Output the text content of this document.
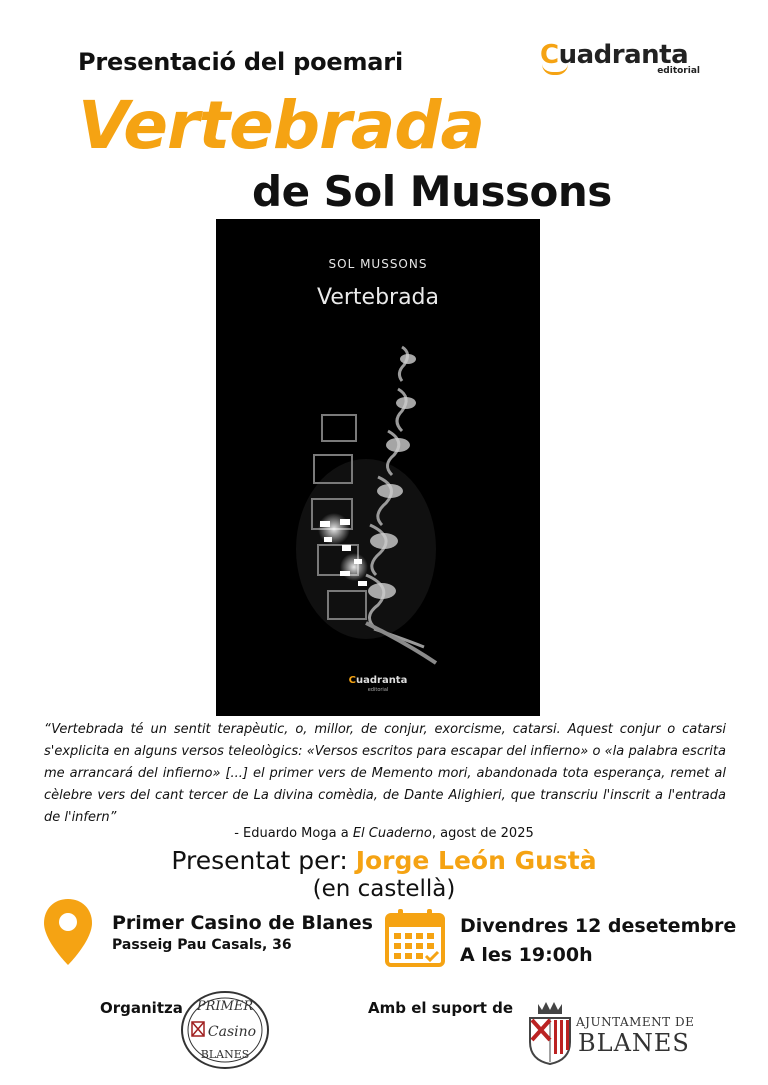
Presentació del poemari
Vertebrada
de Sol Mussons
Cuadranta
editorial
SOL MUSSONS
Vertebrada
Cuadranta
editorial
“Vertebrada té un sentit terapèutic, o, millor, de conjur, exorcisme, catarsi. Aquest conjur o catarsi s'explicita en alguns versos teleològics: «Versos escritos para escapar del infierno» o «la palabra escrita me arrancará del infierno» [...] el primer vers de Memento mori, abandonada tota esperança, remet al cèlebre vers del cant tercer de La divina comèdia, de Dante Alighieri, que transcriu l'inscrit a l'entrada de l'infern”
- Eduardo Moga a El Cuaderno, agost de 2025
Presentat per: Jorge León Gustà
(en castellà)
Primer Casino de Blanes
Passeig Pau Casals, 36
Divendres 12 desetembre
A les 19:00h
Organitza PRIMER
Casino
BLANES
Amb el suport de
AJUNTAMENT DE
BLANES
